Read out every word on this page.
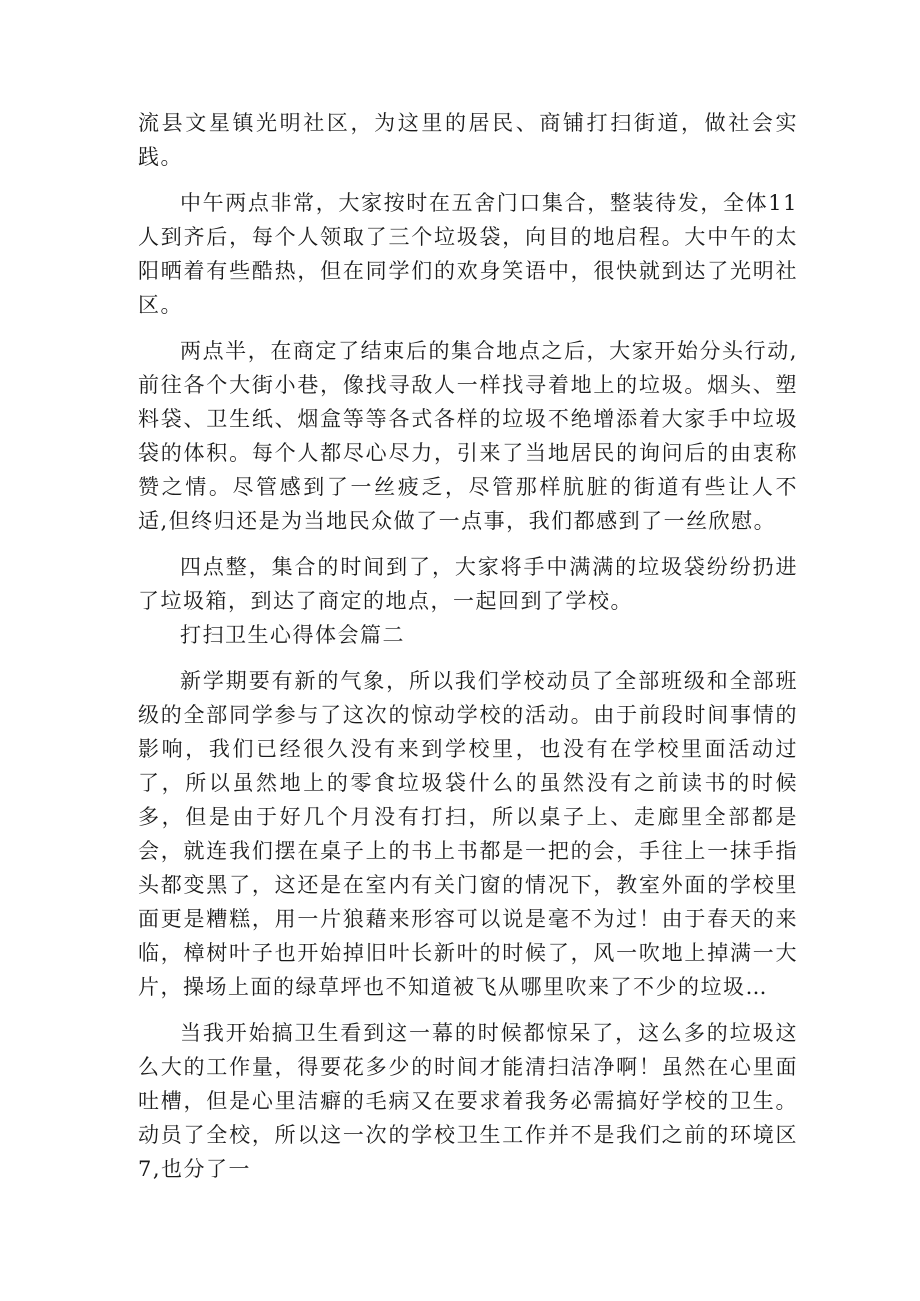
流县文星镇光明社区，为这里的居民、商铺打扫街道，做社会实践。

中午两点非常，大家按时在五舍门口集合，整装待发，全体11人到齐后，每个人领取了三个垃圾袋，向目的地启程。大中午的太阳晒着有些酷热，但在同学们的欢身笑语中，很快就到达了光明社区。

两点半，在商定了结束后的集合地点之后，大家开始分头行动,前往各个大街小巷，像找寻敌人一样找寻着地上的垃圾。烟头、塑料袋、卫生纸、烟盒等等各式各样的垃圾不绝增添着大家手中垃圾袋的体积。每个人都尽心尽力，引来了当地居民的询问后的由衷称赞之情。尽管感到了一丝疲乏，尽管那样肮脏的街道有些让人不适,但终归还是为当地民众做了一点事，我们都感到了一丝欣慰。

四点整，集合的时间到了，大家将手中满满的垃圾袋纷纷扔进了垃圾箱，到达了商定的地点，一起回到了学校。

打扫卫生心得体会篇二

新学期要有新的气象，所以我们学校动员了全部班级和全部班级的全部同学参与了这次的惊动学校的活动。由于前段时间事情的影响，我们已经很久没有来到学校里，也没有在学校里面活动过了，所以虽然地上的零食垃圾袋什么的虽然没有之前读书的时候多，但是由于好几个月没有打扫，所以桌子上、走廊里全部都是会，就连我们摆在桌子上的书上书都是一把的会，手往上一抹手指头都变黑了，这还是在室内有关门窗的情况下，教室外面的学校里面更是糟糕，用一片狼藉来形容可以说是毫不为过！由于春天的来临，樟树叶子也开始掉旧叶长新叶的时候了，风一吹地上掉满一大片，操场上面的绿草坪也不知道被飞从哪里吹来了不少的垃圾…

当我开始搞卫生看到这一幕的时候都惊呆了，这么多的垃圾这么大的工作量，得要花多少的时间才能清扫洁净啊！虽然在心里面吐槽，但是心里洁癖的毛病又在要求着我务必需搞好学校的卫生。动员了全校，所以这一次的学校卫生工作并不是我们之前的环境区7,也分了一
